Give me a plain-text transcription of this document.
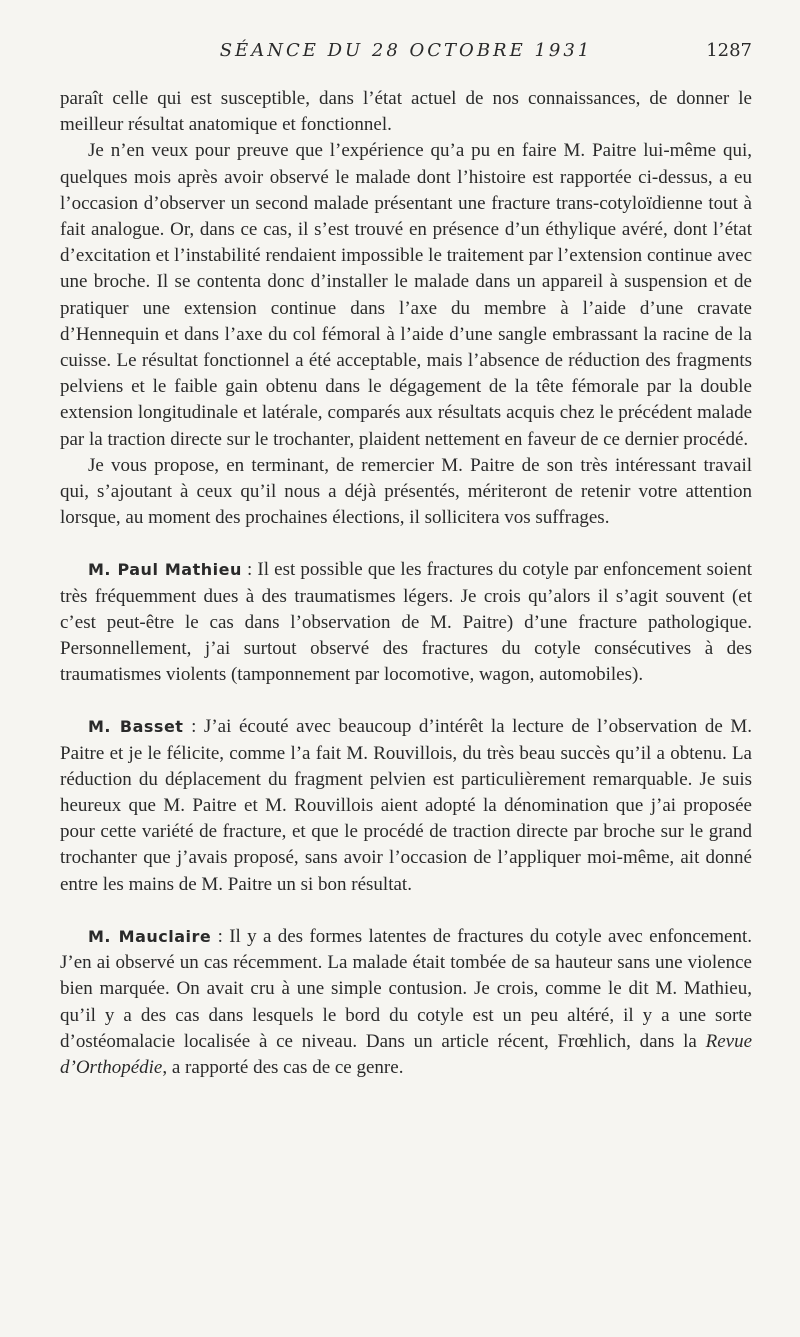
SÉANCE DU 28 OCTOBRE 1931	1287

paraît celle qui est susceptible, dans l’état actuel de nos connaissances, de donner le meilleur résultat anatomique et fonctionnel.

Je n’en veux pour preuve que l’expérience qu’a pu en faire M. Paitre lui-même qui, quelques mois après avoir observé le malade dont l’histoire est rapportée ci-dessus, a eu l’occasion d’observer un second malade présentant une fracture trans-cotyloïdienne tout à fait analogue. Or, dans ce cas, il s’est trouvé en présence d’un éthylique avéré, dont l’état d’excitation et l’instabilité rendaient impossible le traitement par l’extension continue avec une broche. Il se contenta donc d’installer le malade dans un appareil à suspension et de pratiquer une extension continue dans l’axe du membre à l’aide d’une cravate d’Hennequin et dans l’axe du col fémoral à l’aide d’une sangle embrassant la racine de la cuisse. Le résultat fonctionnel a été acceptable, mais l’absence de réduction des fragments pelviens et le faible gain obtenu dans le dégagement de la tête fémorale par la double extension longitudinale et latérale, comparés aux résultats acquis chez le précédent malade par la traction directe sur le trochanter, plaident nettement en faveur de ce dernier procédé.

Je vous propose, en terminant, de remercier M. Paitre de son très intéressant travail qui, s’ajoutant à ceux qu’il nous a déjà présentés, mériteront de retenir votre attention lorsque, au moment des prochaines élections, il sollicitera vos suffrages.

M. Paul Mathieu : Il est possible que les fractures du cotyle par enfoncement soient très fréquemment dues à des traumatismes légers. Je crois qu’alors il s’agit souvent (et c’est peut-être le cas dans l’observation de M. Paitre) d’une fracture pathologique. Personnellement, j’ai surtout observé des fractures du cotyle consécutives à des traumatismes violents (tamponnement par locomotive, wagon, automobiles).

M. Basset : J’ai écouté avec beaucoup d’intérêt la lecture de l’observation de M. Paitre et je le félicite, comme l’a fait M. Rouvillois, du très beau succès qu’il a obtenu. La réduction du déplacement du fragment pelvien est particulièrement remarquable. Je suis heureux que M. Paitre et M. Rouvillois aient adopté la dénomination que j’ai proposée pour cette variété de fracture, et que le procédé de traction directe par broche sur le grand trochanter que j’avais proposé, sans avoir l’occasion de l’appliquer moi-même, ait donné entre les mains de M. Paitre un si bon résultat.

M. Mauclaire : Il y a des formes latentes de fractures du cotyle avec enfoncement. J’en ai observé un cas récemment. La malade était tombée de sa hauteur sans une violence bien marquée. On avait cru à une simple contusion. Je crois, comme le dit M. Mathieu, qu’il y a des cas dans lesquels le bord du cotyle est un peu altéré, il y a une sorte d’ostéomalacie localisée à ce niveau. Dans un article récent, Frœhlich, dans la Revue d’Orthopédie, a rapporté des cas de ce genre.
